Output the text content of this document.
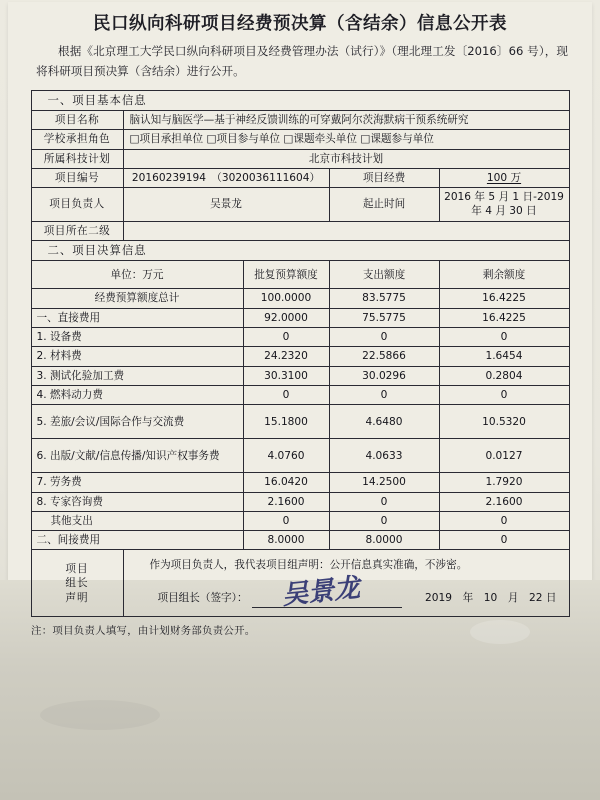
民口纵向科研项目经费预决算（含结余）信息公开表
根据《北京理工大学民口纵向科研项目及经费管理办法（试行）》（理北理工发〔2016〕66 号），现将科研项目预决算（含结余）进行公开。
一、项目基本信息				
项目名称	脑认知与脑医学—基于神经反馈训练的可穿戴阿尔茨海默病干预系统研究			
学校承担角色	□项目承担单位 □项目参与单位 □课题牵头单位 □课题参与单位			
所属科技计划	北京市科技计划			
项目编号	20160239194　（3020036111604）		项目经费	100 万
项目负责人	吴景龙		起止时间	2016 年 5 月 1 日-2019 年 4 月 30 日
项目所在二级				
二、项目决算信息				
单位：万元		批复预算额度	支出额度	剩余额度
经费预算额度总计		100.0000	83.5775	16.4225
一、直接费用		92.0000	75.5775	16.4225
1. 设备费		0	0	0
2. 材料费		24.2320	22.5866	1.6454
3. 测试化验加工费		30.3100	30.0296	0.2804
4. 燃料动力费		0	0	0
5. 差旅/会议/国际合作与交流费		15.1800	4.6480	10.5320
6. 出版/文献/信息传播/知识产权事务费		4.0760	4.0633	0.0127
7. 劳务费		16.0420	14.2500	1.7920
8. 专家咨询费		2.1600	0	2.1600
　 其他支出		0	0	0
二、间接费用		8.0000	8.0000	0

项目
组长
声明

作为项目负责人，我代表项目组声明：公开信息真实准确，不涉密。
项目组长（签字）： 吴景龙	2019　年　10　月　22 日
注：项目负责人填写，由计划财务部负责公开。
